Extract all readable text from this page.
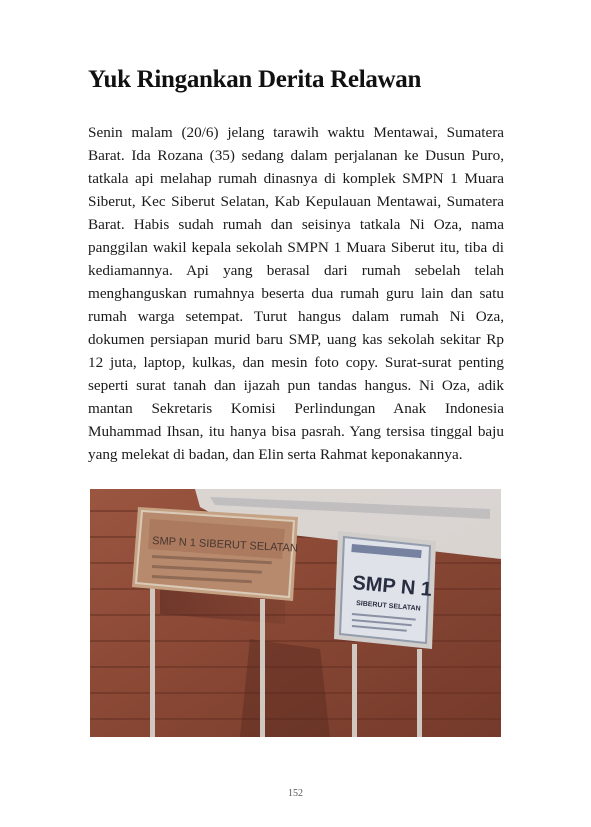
Yuk Ringankan Derita Relawan

Senin malam (20/6) jelang tarawih waktu Mentawai, Sumatera Barat. Ida Rozana (35) sedang dalam perjalanan ke Dusun Puro, tatkala api melahap rumah dinasnya di komplek SMPN 1 Muara Siberut, Kec Siberut Selatan, Kab Kepulauan Mentawai, Sumatera Barat. Habis sudah rumah dan seisinya tatkala Ni Oza, nama panggilan wakil kepala sekolah SMPN 1 Muara Siberut itu, tiba di kediamannya. Api yang berasal dari rumah sebelah telah menghanguskan rumahnya beserta dua rumah guru lain dan satu rumah warga setempat. Turut hangus dalam rumah Ni Oza, dokumen persiapan murid baru SMP, uang kas sekolah sekitar Rp 12 juta, laptop, kulkas, dan mesin foto copy. Surat-surat penting seperti surat tanah dan ijazah pun tandas hangus. Ni Oza, adik mantan Sekretaris Komisi Perlindungan Anak Indonesia Muhammad Ihsan, itu hanya bisa pasrah. Yang tersisa tinggal baju yang melekat di badan, dan Elin serta Rahmat keponakannya.

SMP N 1 SIBERUT SELATAN
SMP N 1
SIBERUT SELATAN
152
